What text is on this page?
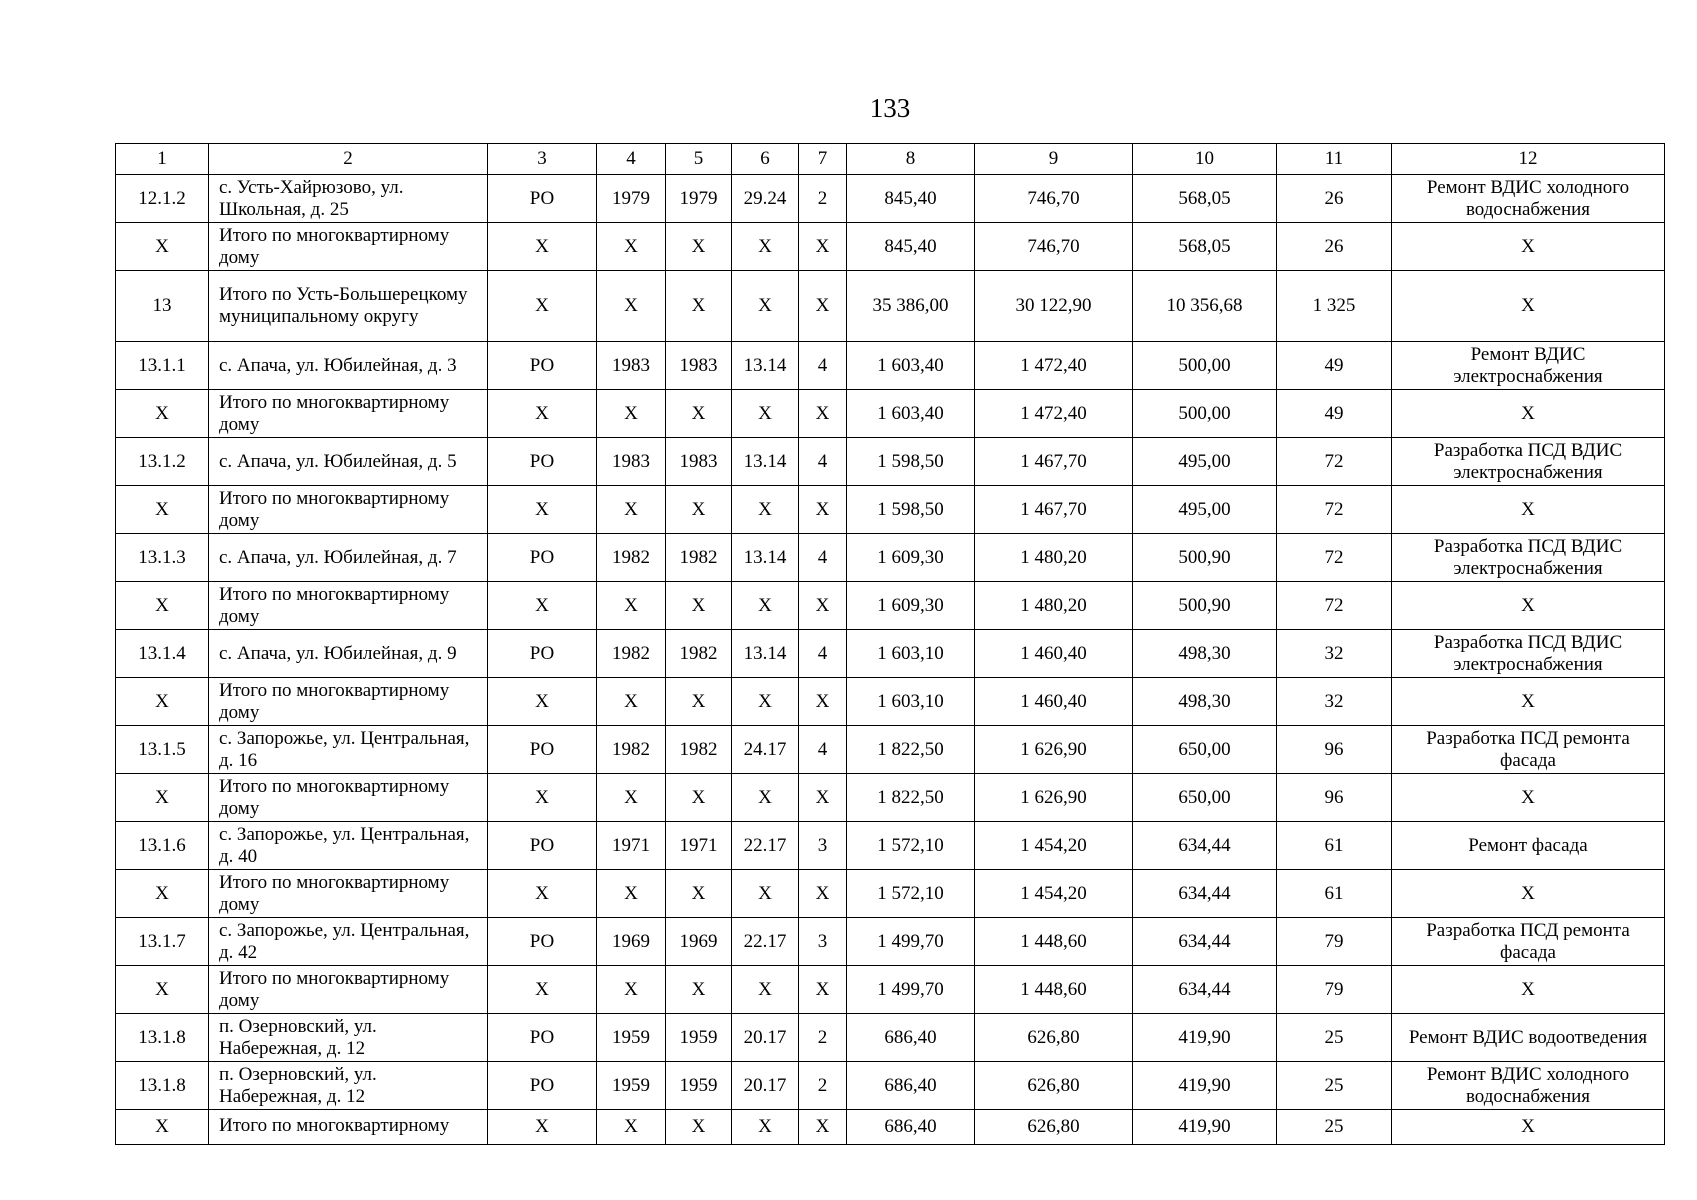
133
1	2	3	4	5	6	7	8	9	10	11	12
12.1.2	с. Усть-Хайрюзово, ул. Школьная, д. 25	РО	1979	1979	29.24	2	845,40	746,70	568,05	26	Ремонт ВДИС холодного водоснабжения
Х	Итого по многоквартирному дому	Х	Х	Х	Х	Х	845,40	746,70	568,05	26	Х
13	Итого по Усть-Большерецкому муниципальному округу	Х	Х	Х	Х	Х	35 386,00	30 122,90	10 356,68	1 325	Х
13.1.1	с. Апача, ул. Юбилейная, д. 3	РО	1983	1983	13.14	4	1 603,40	1 472,40	500,00	49	Ремонт ВДИС электроснабжения
Х	Итого по многоквартирному дому	Х	Х	Х	Х	Х	1 603,40	1 472,40	500,00	49	Х
13.1.2	с. Апача, ул. Юбилейная, д. 5	РО	1983	1983	13.14	4	1 598,50	1 467,70	495,00	72	Разработка ПСД ВДИС электроснабжения
Х	Итого по многоквартирному дому	Х	Х	Х	Х	Х	1 598,50	1 467,70	495,00	72	Х
13.1.3	с. Апача, ул. Юбилейная, д. 7	РО	1982	1982	13.14	4	1 609,30	1 480,20	500,90	72	Разработка ПСД ВДИС электроснабжения
Х	Итого по многоквартирному дому	Х	Х	Х	Х	Х	1 609,30	1 480,20	500,90	72	Х
13.1.4	с. Апача, ул. Юбилейная, д. 9	РО	1982	1982	13.14	4	1 603,10	1 460,40	498,30	32	Разработка ПСД ВДИС электроснабжения
Х	Итого по многоквартирному дому	Х	Х	Х	Х	Х	1 603,10	1 460,40	498,30	32	Х
13.1.5	с. Запорожье, ул. Центральная, д. 16	РО	1982	1982	24.17	4	1 822,50	1 626,90	650,00	96	Разработка ПСД ремонта фасада
Х	Итого по многоквартирному дому	Х	Х	Х	Х	Х	1 822,50	1 626,90	650,00	96	Х
13.1.6	с. Запорожье, ул. Центральная, д. 40	РО	1971	1971	22.17	3	1 572,10	1 454,20	634,44	61	Ремонт фасада
Х	Итого по многоквартирному дому	Х	Х	Х	Х	Х	1 572,10	1 454,20	634,44	61	Х
13.1.7	с. Запорожье, ул. Центральная, д. 42	РО	1969	1969	22.17	3	1 499,70	1 448,60	634,44	79	Разработка ПСД ремонта фасада
Х	Итого по многоквартирному дому	Х	Х	Х	Х	Х	1 499,70	1 448,60	634,44	79	Х
13.1.8	п. Озерновский, ул. Набережная, д. 12	РО	1959	1959	20.17	2	686,40	626,80	419,90	25	Ремонт ВДИС водоотведения
13.1.8	п. Озерновский, ул. Набережная, д. 12	РО	1959	1959	20.17	2	686,40	626,80	419,90	25	Ремонт ВДИС холодного водоснабжения
Х	Итого по многоквартирному	Х	Х	Х	Х	Х	686,40	626,80	419,90	25	Х
